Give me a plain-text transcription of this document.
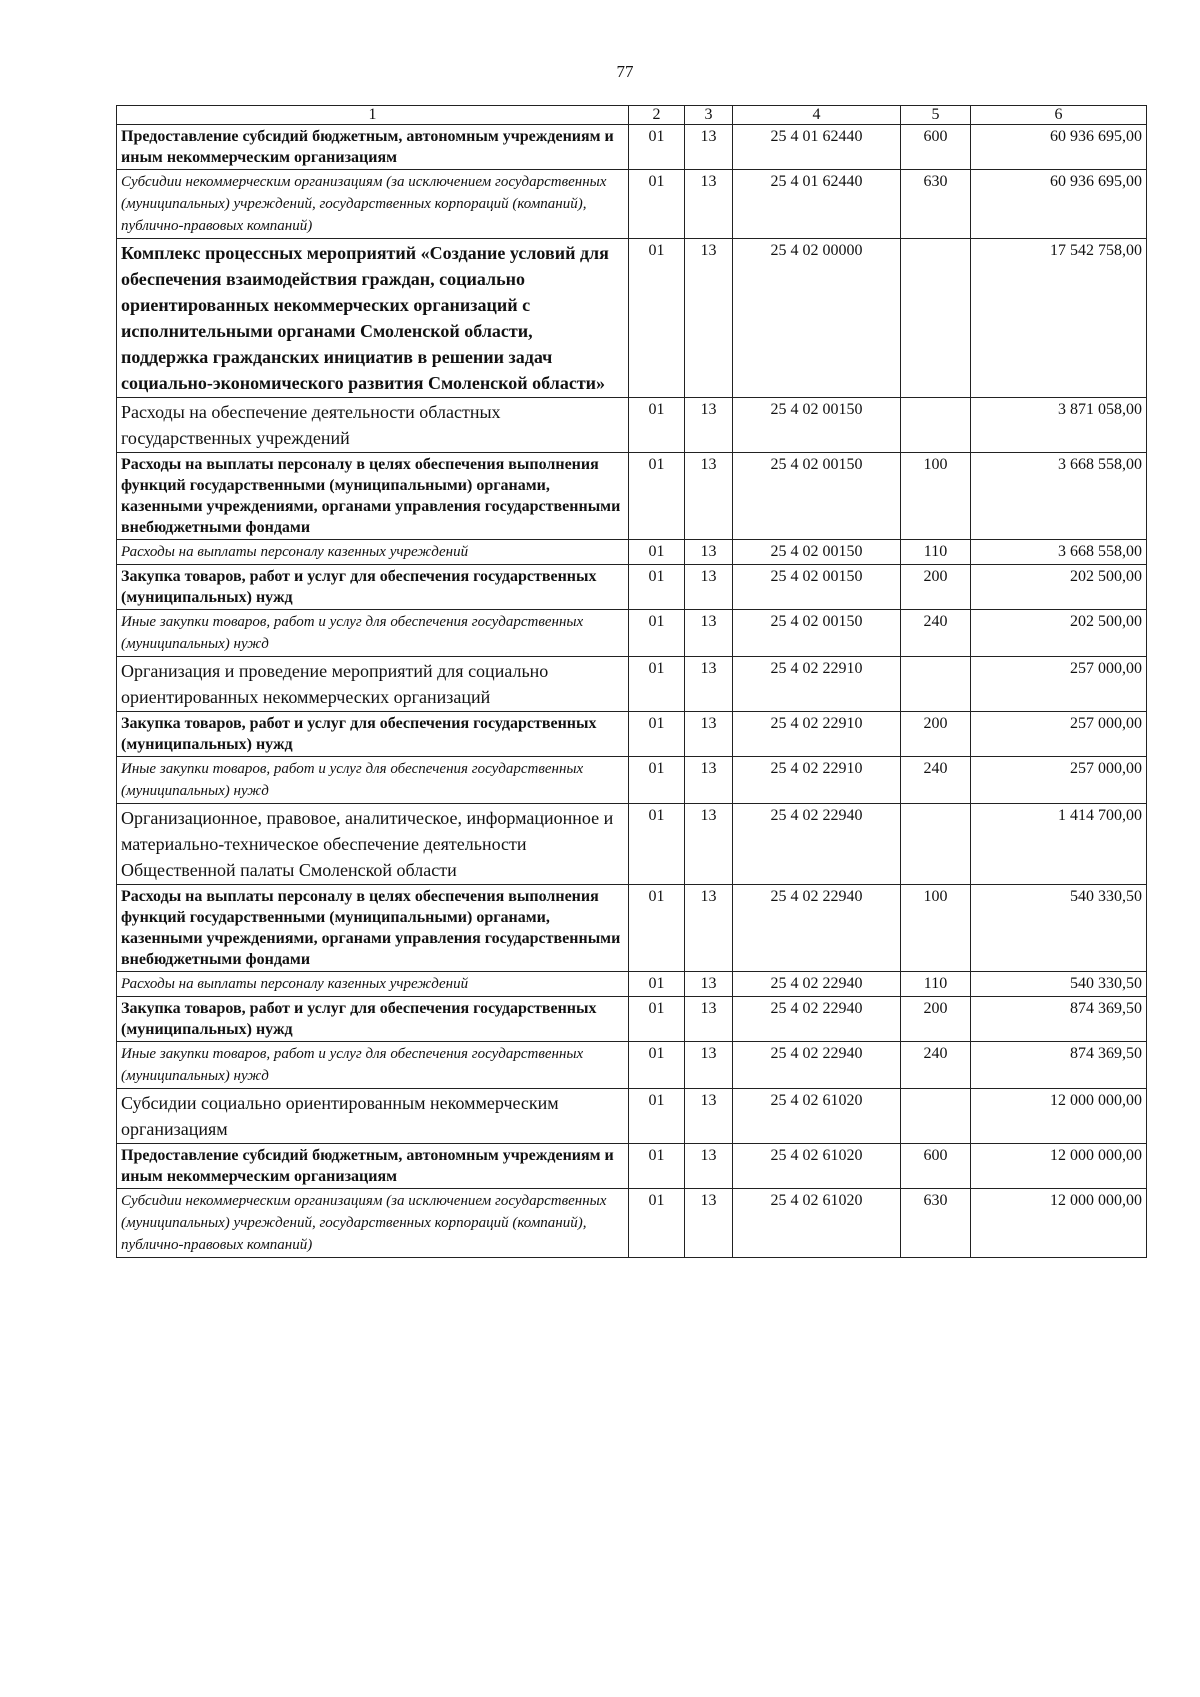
77
1	2	3	4	5	6
Предоставление субсидий бюджетным, автономным учреждениям и иным некоммерческим организациям	01	13	25 4 01 62440	600	60 936 695,00
Субсидии некоммерческим организациям (за исключением государственных (муниципальных) учреждений, государственных корпораций (компаний), публично-правовых компаний)	01	13	25 4 01 62440	630	60 936 695,00
Комплекс процессных мероприятий «Создание условий для обеспечения взаимодействия граждан, социально ориентированных некоммерческих организаций с исполнительными органами Смоленской области, поддержка гражданских инициатив в решении задач социально-экономического развития Смоленской области»	01	13	25 4 02 00000		17 542 758,00
Расходы на обеспечение деятельности областных государственных учреждений	01	13	25 4 02 00150		3 871 058,00
Расходы на выплаты персоналу в целях обеспечения выполнения функций государственными (муниципальными) органами, казенными учреждениями, органами управления государственными внебюджетными фондами	01	13	25 4 02 00150	100	3 668 558,00
Расходы на выплаты персоналу казенных учреждений	01	13	25 4 02 00150	110	3 668 558,00
Закупка товаров, работ и услуг для обеспечения государственных (муниципальных) нужд	01	13	25 4 02 00150	200	202 500,00
Иные закупки товаров, работ и услуг для обеспечения государственных (муниципальных) нужд	01	13	25 4 02 00150	240	202 500,00
Организация и проведение мероприятий для социально ориентированных некоммерческих организаций	01	13	25 4 02 22910		257 000,00
Закупка товаров, работ и услуг для обеспечения государственных (муниципальных) нужд	01	13	25 4 02 22910	200	257 000,00
Иные закупки товаров, работ и услуг для обеспечения государственных (муниципальных) нужд	01	13	25 4 02 22910	240	257 000,00
Организационное, правовое, аналитическое, информационное и материально-техническое обеспечение деятельности Общественной палаты Смоленской области	01	13	25 4 02 22940		1 414 700,00
Расходы на выплаты персоналу в целях обеспечения выполнения функций государственными (муниципальными) органами, казенными учреждениями, органами управления государственными внебюджетными фондами	01	13	25 4 02 22940	100	540 330,50
Расходы на выплаты персоналу казенных учреждений	01	13	25 4 02 22940	110	540 330,50
Закупка товаров, работ и услуг для обеспечения государственных (муниципальных) нужд	01	13	25 4 02 22940	200	874 369,50
Иные закупки товаров, работ и услуг для обеспечения государственных (муниципальных) нужд	01	13	25 4 02 22940	240	874 369,50
Субсидии социально ориентированным некоммерческим организациям	01	13	25 4 02 61020		12 000 000,00
Предоставление субсидий бюджетным, автономным учреждениям и иным некоммерческим организациям	01	13	25 4 02 61020	600	12 000 000,00
Субсидии некоммерческим организациям (за исключением государственных (муниципальных) учреждений, государственных корпораций (компаний), публично-правовых компаний)	01	13	25 4 02 61020	630	12 000 000,00
